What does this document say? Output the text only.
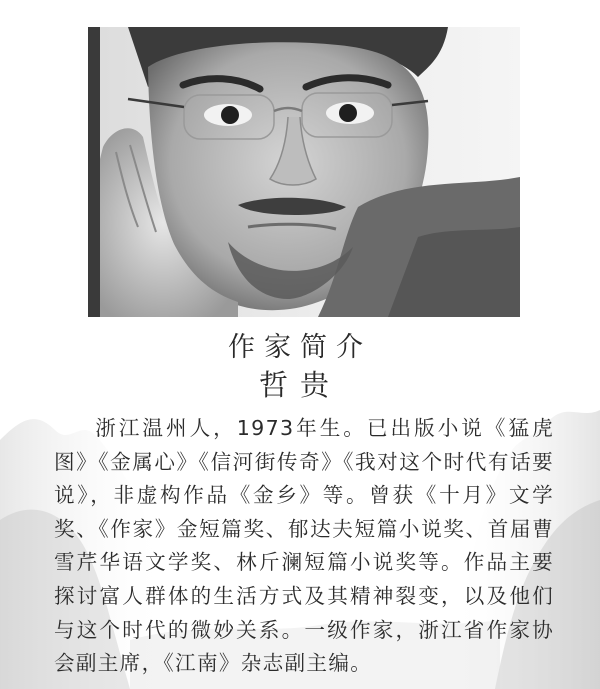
作家简介
哲贵

浙江温州人，1973年生。已出版小说《猛虎图》《金属心》《信河街传奇》《我对这个时代有话要说》，非虚构作品《金乡》等。曾获《十月》文学奖、《作家》金短篇奖、郁达夫短篇小说奖、首届曹雪芹华语文学奖、林斤澜短篇小说奖等。作品主要探讨富人群体的生活方式及其精神裂变，以及他们与这个时代的微妙关系。一级作家，浙江省作家协会副主席，《江南》杂志副主编。
